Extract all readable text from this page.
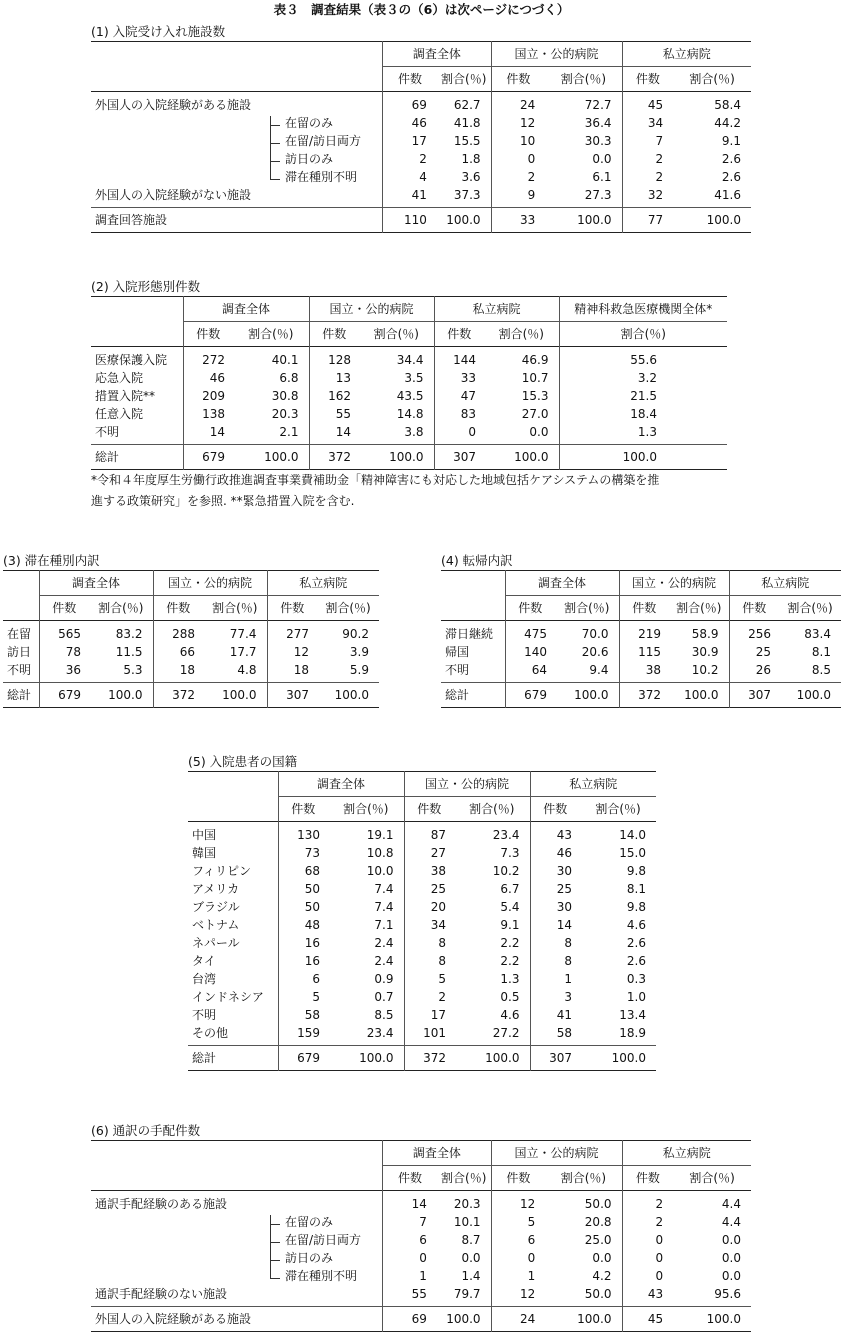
表３　調査結果（表３の（6）は次ページにつづく）
(1) 入院受け入れ施設数
	調査全体		国立・公的病院		私立病院	
	件数	割合(％)	件数	割合(％)	件数	割合(％)
外国人の入院経験がある施設	69	62.7	24	72.7	45	58.4
在留のみ	46	41.8	12	36.4	34	44.2
在留/訪日両方	17	15.5	10	30.3	7	9.1
訪日のみ	2	1.8	0	0.0	2	2.6
滞在種別不明	4	3.6	2	6.1	2	2.6
外国人の入院経験がない施設	41	37.3	9	27.3	32	41.6
調査回答施設	110	100.0	33	100.0	77	100.0
(2) 入院形態別件数
	調査全体		国立・公的病院		私立病院		精神科救急医療機関全体*
	件数	割合(％)	件数	割合(％)	件数	割合(％)	割合(％)
医療保護入院	272	40.1	128	34.4	144	46.9	55.6
応急入院	46	6.8	13	3.5	33	10.7	3.2
措置入院**	209	30.8	162	43.5	47	15.3	21.5
任意入院	138	20.3	55	14.8	83	27.0	18.4
不明	14	2.1	14	3.8	0	0.0	1.3
総計	679	100.0	372	100.0	307	100.0	100.0
*令和４年度厚生労働行政推進調査事業費補助金「精神障害にも対応した地域包括ケアシステムの構築を推
進する政策研究」を参照. **緊急措置入院を含む.
(3) 滞在種別内訳
	調査全体		国立・公的病院		私立病院	
	件数	割合(％)	件数	割合(％)	件数	割合(％)
在留	565	83.2	288	77.4	277	90.2
訪日	78	11.5	66	17.7	12	3.9
不明	36	5.3	18	4.8	18	5.9
総計	679	100.0	372	100.0	307	100.0
(4) 転帰内訳
	調査全体		国立・公的病院		私立病院	
	件数	割合(％)	件数	割合(％)	件数	割合(％)
滞日継続	475	70.0	219	58.9	256	83.4
帰国	140	20.6	115	30.9	25	8.1
不明	64	9.4	38	10.2	26	8.5
総計	679	100.0	372	100.0	307	100.0
(5) 入院患者の国籍
	調査全体		国立・公的病院		私立病院	
	件数	割合(％)	件数	割合(％)	件数	割合(％)
中国	130	19.1	87	23.4	43	14.0
韓国	73	10.8	27	7.3	46	15.0
フィリピン	68	10.0	38	10.2	30	9.8
アメリカ	50	7.4	25	6.7	25	8.1
ブラジル	50	7.4	20	5.4	30	9.8
ベトナム	48	7.1	34	9.1	14	4.6
ネパール	16	2.4	8	2.2	8	2.6
タイ	16	2.4	8	2.2	8	2.6
台湾	6	0.9	5	1.3	1	0.3
インドネシア	5	0.7	2	0.5	3	1.0
不明	58	8.5	17	4.6	41	13.4
その他	159	23.4	101	27.2	58	18.9
総計	679	100.0	372	100.0	307	100.0
(6) 通訳の手配件数
	調査全体		国立・公的病院		私立病院	
	件数	割合(％)	件数	割合(％)	件数	割合(％)
通訳手配経験のある施設	14	20.3	12	50.0	2	4.4
在留のみ	7	10.1	5	20.8	2	4.4
在留/訪日両方	6	8.7	6	25.0	0	0.0
訪日のみ	0	0.0	0	0.0	0	0.0
滞在種別不明	1	1.4	1	4.2	0	0.0
通訳手配経験のない施設	55	79.7	12	50.0	43	95.6
外国人の入院経験がある施設	69	100.0	24	100.0	45	100.0
